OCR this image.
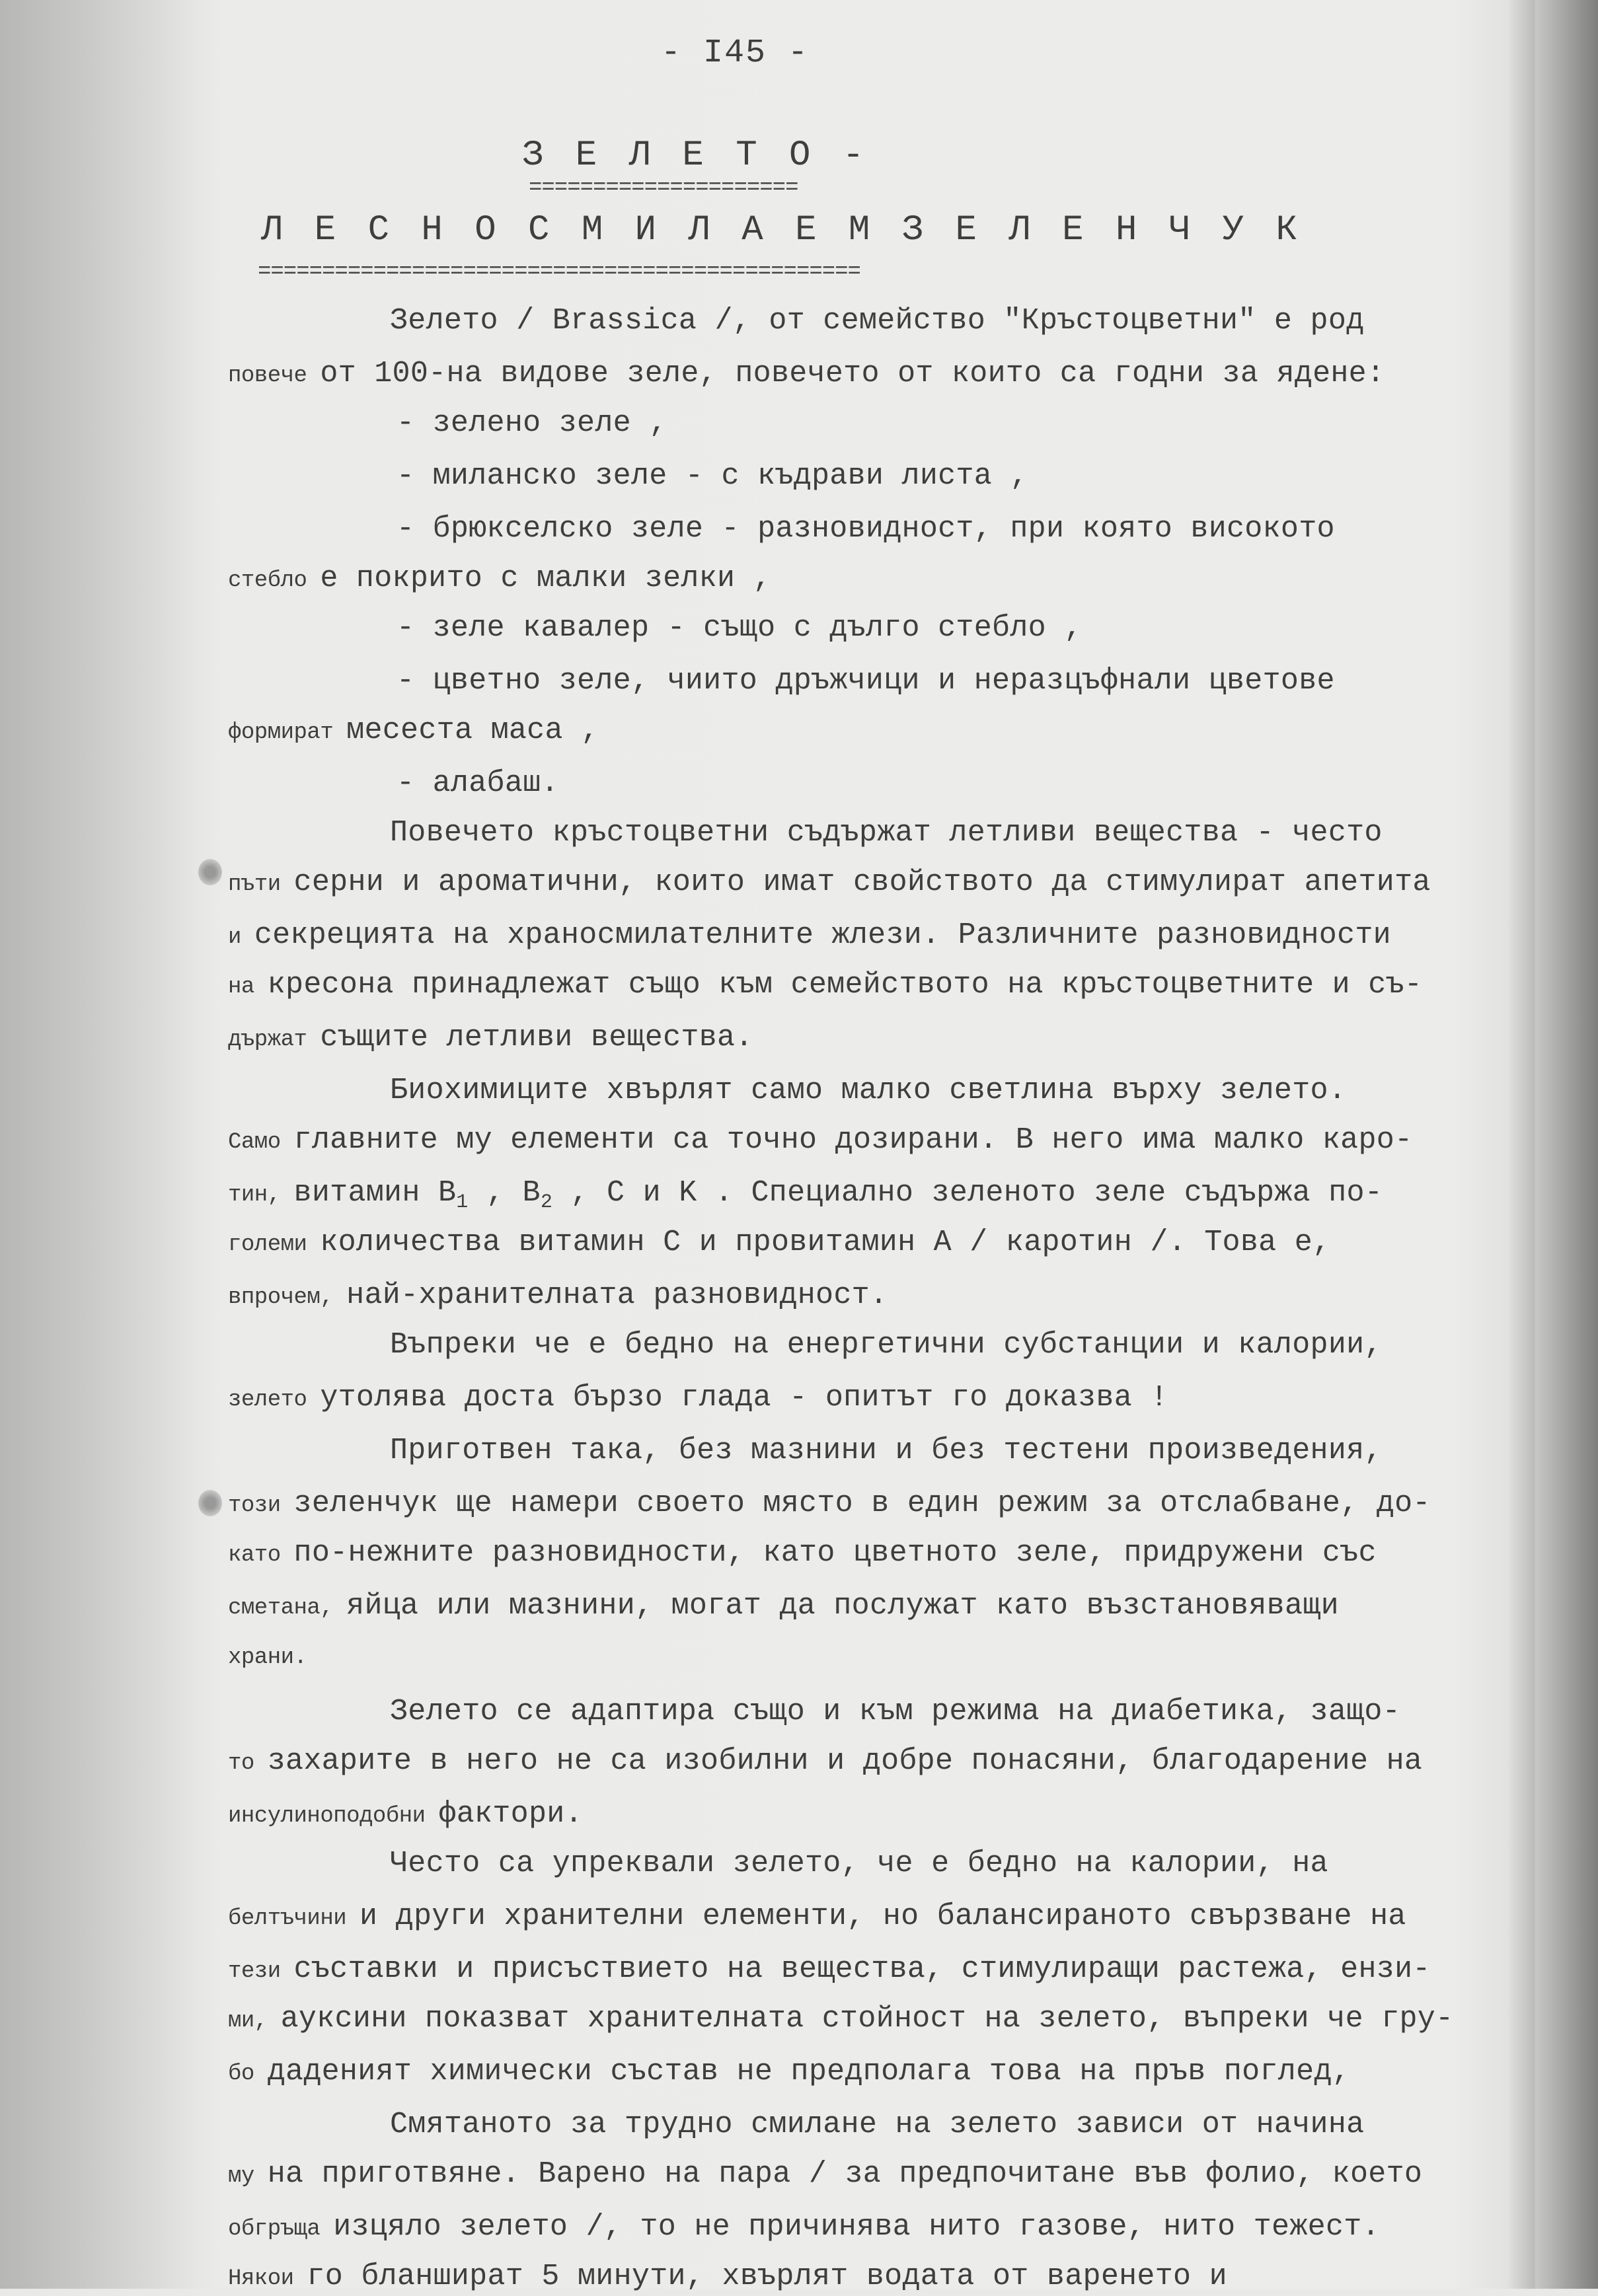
- I45 -
З Е Л Е Т О -
=====================
Л Е С Н О С М И Л А Е М З Е Л Е Н Ч У К
===============================================
Зелето / Brassica /, от семейство "Кръстоцветни" е род
повече от 100-на видове зеле, повечето от които са годни за ядене:
- зелено зеле ,
- миланско зеле - с къдрави листа ,
- брюкселско зеле - разновидност, при която високото
стебло е покрито с малки зелки ,
- зеле кавалер - също с дълго стебло ,
- цветно зеле, чиито дръжчици и неразцъфнали цветове
формират месеста маса ,
- алабаш.
Повечето кръстоцветни съдържат летливи вещества - често
пъти серни и ароматични, които имат свойството да стимулират апетита
и секрецията на храносмилателните жлези. Различните разновидности
на кресона принадлежат също към семейството на кръстоцветните и съ-
държат същите летливи вещества.
Биохимиците хвърлят само малко светлина върху зелето.
Само главните му елементи са точно дозирани. В него има малко каро-
тин, витамин $B_1$ , $B_2$ , C и K . Специално зеленото зеле съдържа по-
големи количества витамин C и провитамин A / каротин /. Това е,
впрочем, най-хранителната разновидност.
Въпреки че е бедно на енергетични субстанции и калории,
зелето утолява доста бързо глада - опитът го доказва !
Приготвен така, без мазнини и без тестени произведения,
този зеленчук ще намери своето място в един режим за отслабване, до-
като по-нежните разновидности, като цветното зеле, придружени със
сметана, яйца или мазнини, могат да послужат като възстановяващи
храни.
Зелето се адаптира също и към режима на диабетика, защо-
то захарите в него не са изобилни и добре понасяни, благодарение на
инсулиноподобни фактори.
Често са упреквали зелето, че е бедно на калории, на
белтъчини и други хранителни елементи, но балансираното свързване на
тези съставки и присъствието на вещества, стимулиращи растежа, ензи-
ми, ауксини показват хранителната стойност на зелето, въпреки че гру-
бо даденият химически състав не предполага това на пръв поглед,
Смятаното за трудно смилане на зелето зависи от начина
му на приготвяне. Варено на пара / за предпочитане във фолио, което
обгръща изцяло зелето /, то не причинява нито газове, нито тежест.
Някои го бланшират 5 минути, хвърлят водата от варенето и
